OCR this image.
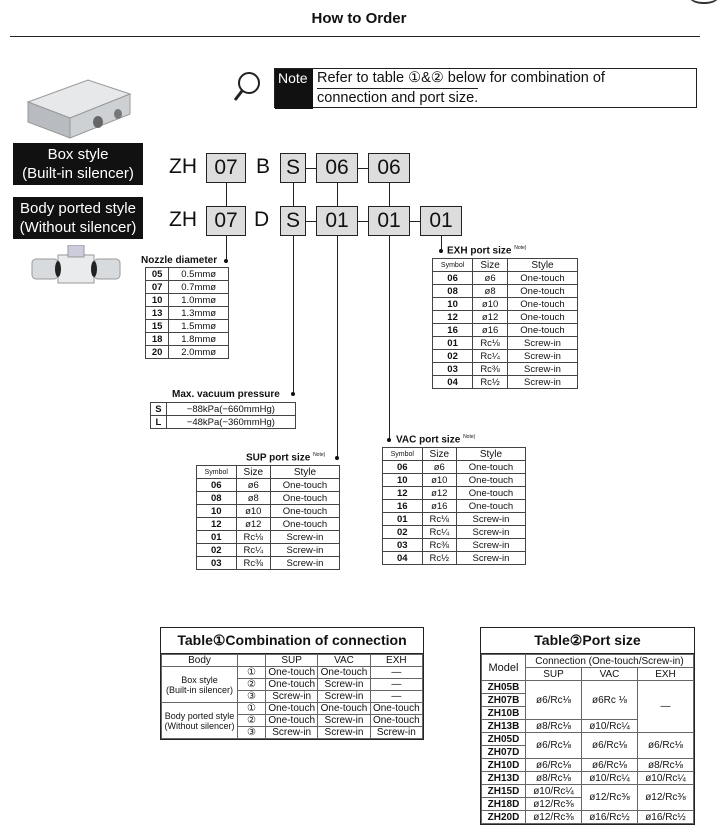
How to Order
Note Refer to table ①&② below for combination of
connection and port size.
Box style
(Built-in silencer)
Body ported style
(Without silencer)
ZH 07 B S	06	06
ZH 07 D S	01	01	01
Nozzle diameter
05	0.5mmø
07	0.7mmø
10	1.0mmø
13	1.3mmø
15	1.5mmø
18	1.8mmø
20	2.0mmø
Max. vacuum pressure
S	−88kPa(−660mmHg)
L	−48kPa(−360mmHg)
SUP port size $^{Note)}$
Symbol	Size	Style
06	ø6	One-touch
08	ø8	One-touch
10	ø10	One-touch
12	ø12	One-touch
01	Rc⅛	Screw-in
02	Rc¼	Screw-in
03	Rc⅜	Screw-in
VAC port size $^{Note)}$
Symbol	Size	Style
06	ø6	One-touch
10	ø10	One-touch
12	ø12	One-touch
16	ø16	One-touch
01	Rc⅛	Screw-in
02	Rc¼	Screw-in
03	Rc⅜	Screw-in
04	Rc½	Screw-in
EXH port size $^{Note)}$
Symbol	Size	Style
06	ø6	One-touch
08	ø8	One-touch
10	ø10	One-touch
12	ø12	One-touch
16	ø16	One-touch
01	Rc⅛	Screw-in
02	Rc¼	Screw-in
03	Rc⅜	Screw-in
04	Rc½	Screw-in
Table①Combination of connection
Body		SUP	VAC	EXH

Box style
(Built-in silencer)	①	One-touch	One-touch	—
	②	One-touch	Screw-in	—
	③	Screw-in	Screw-in	—

Body ported style
(Without silencer)	①	One-touch	One-touch	One-touch
	②	One-touch	Screw-in	One-touch
	③	Screw-in	Screw-in	Screw-in
Table②Port size
Model	Connection (One-touch/Screw-in)		
	SUP	VAC	EXH
ZH05B	ø6/Rc⅛	ø6Rc ⅛	—
ZH07B			
ZH10B			
ZH13B	ø8/Rc⅛	ø10/Rc¼	
ZH05D	ø6/Rc⅛	ø6/Rc⅛	ø6/Rc⅛
ZH07D			
ZH10D	ø6/Rc⅛	ø6/Rc⅛	ø8/Rc⅛
ZH13D	ø8/Rc⅛	ø10/Rc¼	ø10/Rc¼
ZH15D	ø10/Rc¼	ø12/Rc⅜	ø12/Rc⅜
ZH18D	ø12/Rc⅜		
ZH20D	ø12/Rc⅜	ø16/Rc½	ø16/Rc½
